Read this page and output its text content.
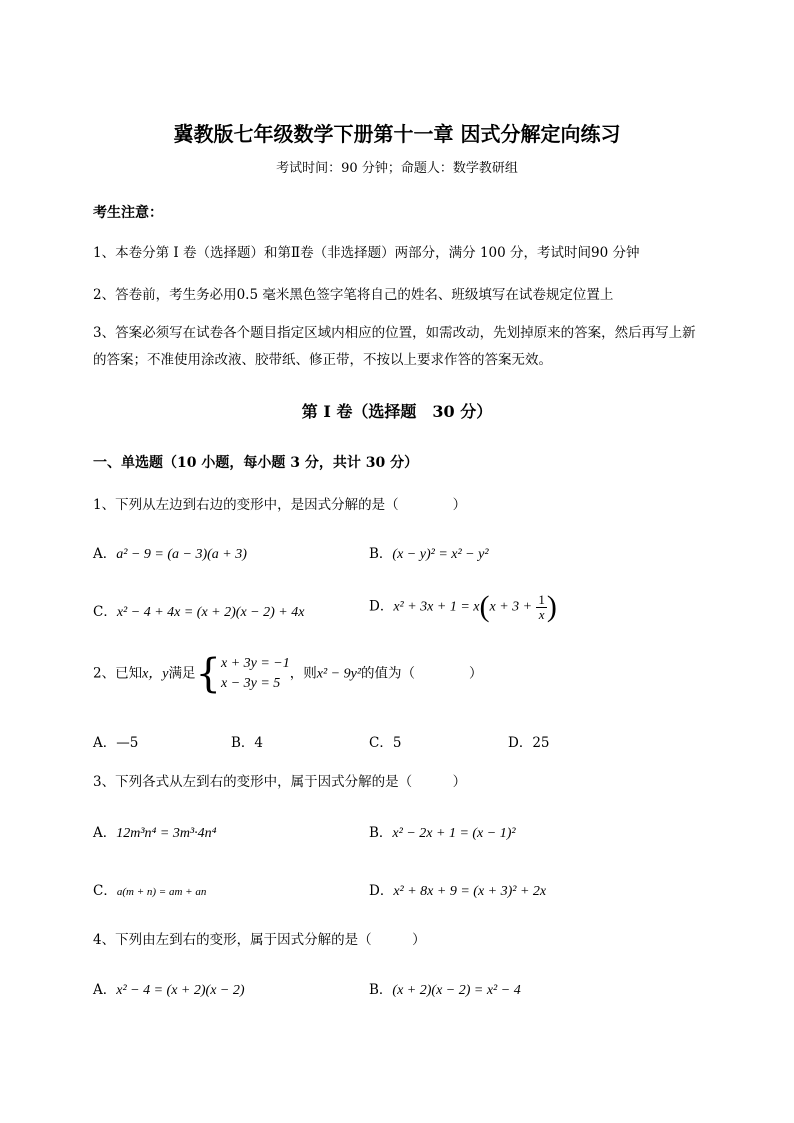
冀教版七年级数学下册第十一章 因式分解定向练习
考试时间：90 分钟；命题人：数学教研组
考生注意：
1、本卷分第 I 卷（选择题）和第Ⅱ卷（非选择题）两部分，满分 100 分，考试时间90 分钟
2、答卷前，考生务必用0.5 毫米黑色签字笔将自己的姓名、班级填写在试卷规定位置上
3、答案必须写在试卷各个题目指定区域内相应的位置，如需改动，先划掉原来的答案，然后再写上新的答案；不准使用涂改液、胶带纸、修正带，不按以上要求作答的答案无效。
第 I 卷（选择题　30 分）
一、单选题（10 小题，每小题 3 分，共计 30 分）
1、下列从左边到右边的变形中，是因式分解的是（　　　　）
A．a² − 9 = (a − 3)(a + 3)	B．(x − y)² = x² − y²
C．x² − 4 + 4x = (x + 2)(x − 2) + 4x	D．$x^2 + 3x + 1 = x(x + 3 + \frac{1}{x}$ )
2、已知x，y满足{ x + 3y = −1
x − 3y = 5
，则x² − 9y²的值为（　　　　）
A．—5	B．4	C．5	D．25
3、下列各式从左到右的变形中，属于因式分解的是（　　　）
A．12m³n⁴ = 3m³·4n⁴	B．x² − 2x + 1 = (x − 1)²
C．a(m + n) = am + an	D．x² + 8x + 9 = (x + 3)² + 2x
4、下列由左到右的变形，属于因式分解的是（　　　）
A．x² − 4 = (x + 2)(x − 2)	B．(x + 2)(x − 2) = x² − 4
